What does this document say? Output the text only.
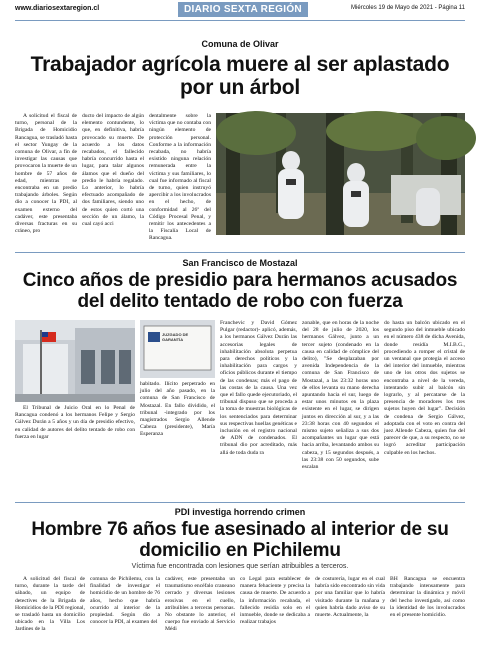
www.diariosextaregion.cl	DIARIO SEXTA REGIÓN	Miércoles 19 de Mayo de 2021 - Página 11
Comuna de Olivar
Trabajador agrícola muere al ser aplastado por un árbol

A solicitud el fiscal de turno, personal de la Brigada de Homicidio Rancagua, se trasladó hasta el sector Yungay de la comuna de Olivar, a fin de investigar las causas que provocaron la muerte de un hombre de 57 años de edad, mientras se encontraba en un predio trabajando árboles. Según dio a conocer la PDI, al examen externo del cadáver, este presentaba diversas fracturas en su cráneo, pro

ducto del impacto de algún elemento contundente, lo que, en definitiva, habría provocado su muerte. De acuerdo a los datos recabados, el fallecido habría concurrido hasta el lugar, para talar algunos álamos que el dueño del predio le habría regalado. Lo anterior, lo habría efectuado acompañado de dos familiares, siendo uno de estos quien cortó una sección de un álamo, la cual cayó acci

dentalmente sobre la víctima que no contaba con ningún elemento de protección personal. Conforme a la información recabada, no habría existido ninguna relación remunerada entre la víctima y sus familiares, lo cual fue informado al fiscal de turno, quien instruyó apercibir a los involucrados en el hecho, de conformidad al 26º del Código Procesal Penal, y remitir los antecedentes a la Fiscalía Local de Rancagua.

San Francisco de Mostazal
Cinco años de presidio para hermanos acusados del delito tentado de robo con fuerza
JUZGADO DE GARANTÍA

El Tribunal de Juicio Oral en lo Penal de Rancagua condenó a los hermanos Felipe y Sergio Gálvez Durán a 5 años y un día de presidio efectivo, en calidad de autores del delito tentado de robo con fuerza en lugar

habitado. Ilícito perpetrado en julio del año pasado, en la comuna de San Francisco de Mostazal. En fallo dividido, el tribunal -integrado por los magistrados Sergio Allende Cabeza (presidente), María Esperanza

Franchevic y David Gómez Pulgar (redactor)- aplicó, además, a los hermanos Gálvez Durán las accesorias legales de inhabilitación absoluta perpetua para derechos políticos y la inhabilitación para cargos y oficios públicos durante el tiempo de las condenas; más el pago de las costas de la causa. Una vez que el fallo quede ejecutoriado, el tribunal dispuso que se proceda a la toma de muestras biológicas de los sentenciados para determinar sus respectivas huellas genéticas e inclusión en el registro nacional de ADN de condenados. El tribunal dio por acreditado, más allá de toda duda ra

zonable, que en horas de la noche del 28 de julio de 2020, los hermanos Gálvez, junto a un tercer sujeto (condenado en la causa en calidad de cómplice del delito), "Se desplazaban por avenida Independencia de la comuna de San Francisco de Mostazal, a las 23:32 horas uno de ellos levanta su mano derecha apuntando hacia el sur, luego de estar unos minutos en la plaza existente en el lugar, se dirigen juntos en dirección al sur, y a las 23:38 horas con 40 segundos el mismo sujeto señaliza a sus dos acompañantes un lugar que está hacia arriba, levantando ambos su cabeza, y 15 segundos después, a las 23:38 con 50 segundos, sube escalan

do hasta un balcón ubicado en el segundo piso del inmueble ubicado en el número 438 de dicha Avenida, donde residía M.I.B.G., procediendo a romper el cristal de un ventanal que protegía el acceso del interior del inmueble, mientras uno de los otros dos sujetos se encontraba a nivel de la vereda, intentando subir al balcón sin lograrlo, y al percatarse de la presencia de moradores los tres sujetos huyen del lugar". Decisión de condena de Sergio Gálvez, adoptada con el voto en contra del juez Allende Cabeza, quien fue del parecer de que, a su respecto, no se logró acreditar participación culpable en los hechos.

PDI investiga horrendo crimen
Hombre 76 años fue asesinado al interior de su domicilio en Pichilemu
Víctima fue encontrada con lesiones que serían atribuibles a terceros.

A solicitud del fiscal de turno, durante la tarde del sábado, un equipo de detectives de la Brigada de Homicidios de la PDI regional, se trasladó hasta un domicilio ubicado en la Villa Los Jardines de la

comuna de Pichilemu, con la finalidad de investigar el homicidio de un hombre de 76 años, hecho que habría ocurrido al interior de la propiedad. Según dio a conocer la PDI, al examen del

cadáver, este presentaba un traumatismo encéfalo craneano cerrado y diversas lesiones erosivas en el cuello, atribuibles a terceras personas. No obstante lo anterior, el cuerpo fue enviado al Servicio Médi

co Legal para establecer de manera fehaciente y precisa la causa de muerte. De acuerdo a la información recabada, el fallecido residía solo en el inmueble, donde se dedicaba a realizar trabajos

de costurería, lugar en el cual habría sido encontrado sin vida por una familiar que lo habría visitado durante la mañana y quien habría dado aviso de su muerte. Actualmente, la

BH Rancagua se encuentra trabajando intensamente para determinar la dinámica y móvil del hecho investigado, así como la identidad de los involucrados en el presente homicidio.
